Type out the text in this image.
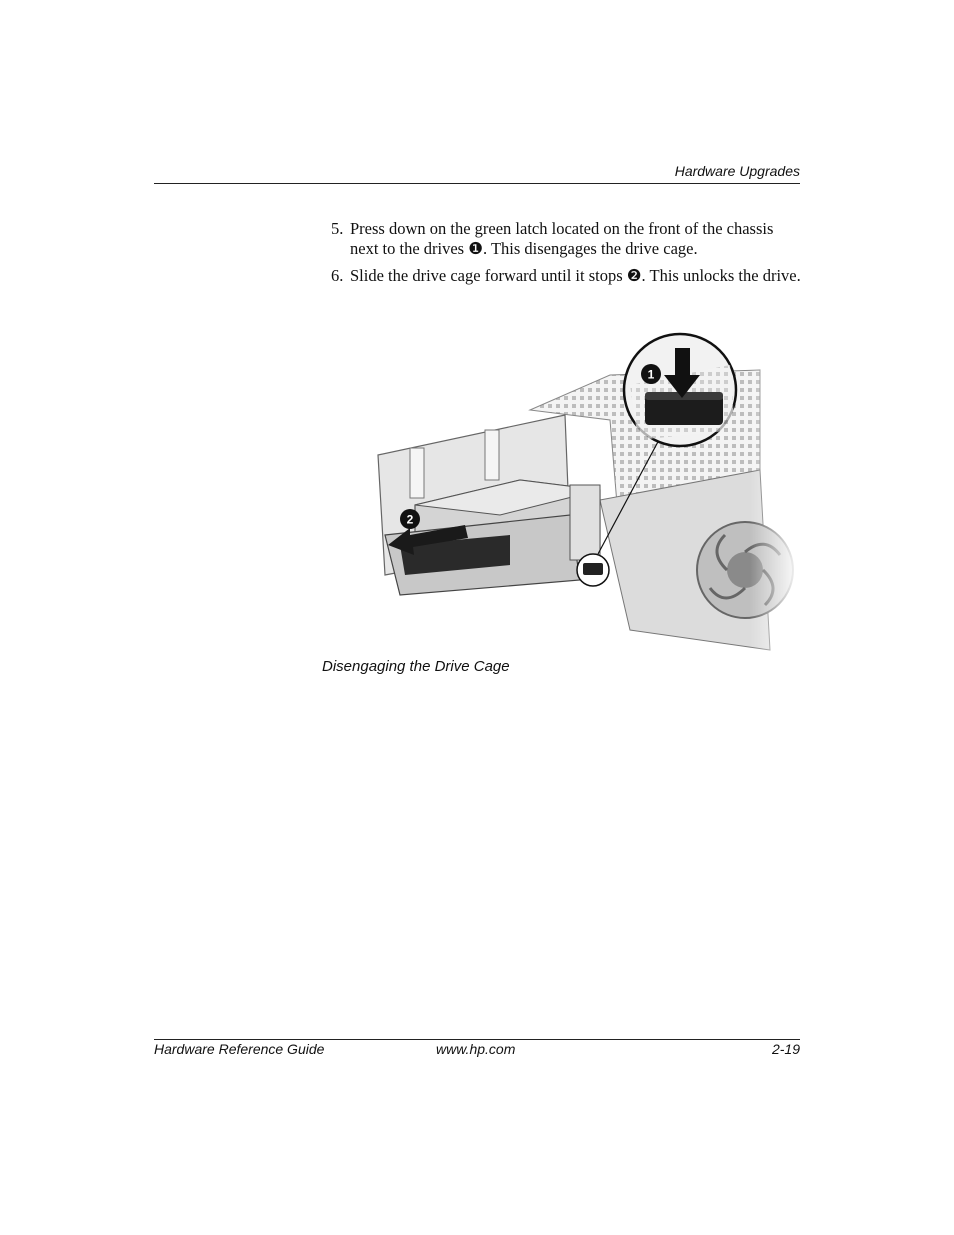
Hardware Upgrades
5. Press down on the green latch located on the front of the chassis next to the drives ❶. This disengages the drive cage.
6. Slide the drive cage forward until it stops ❷. This unlocks the drive.
2
1
Disengaging the Drive Cage
Hardware Reference Guide	www.hp.com	2-19
